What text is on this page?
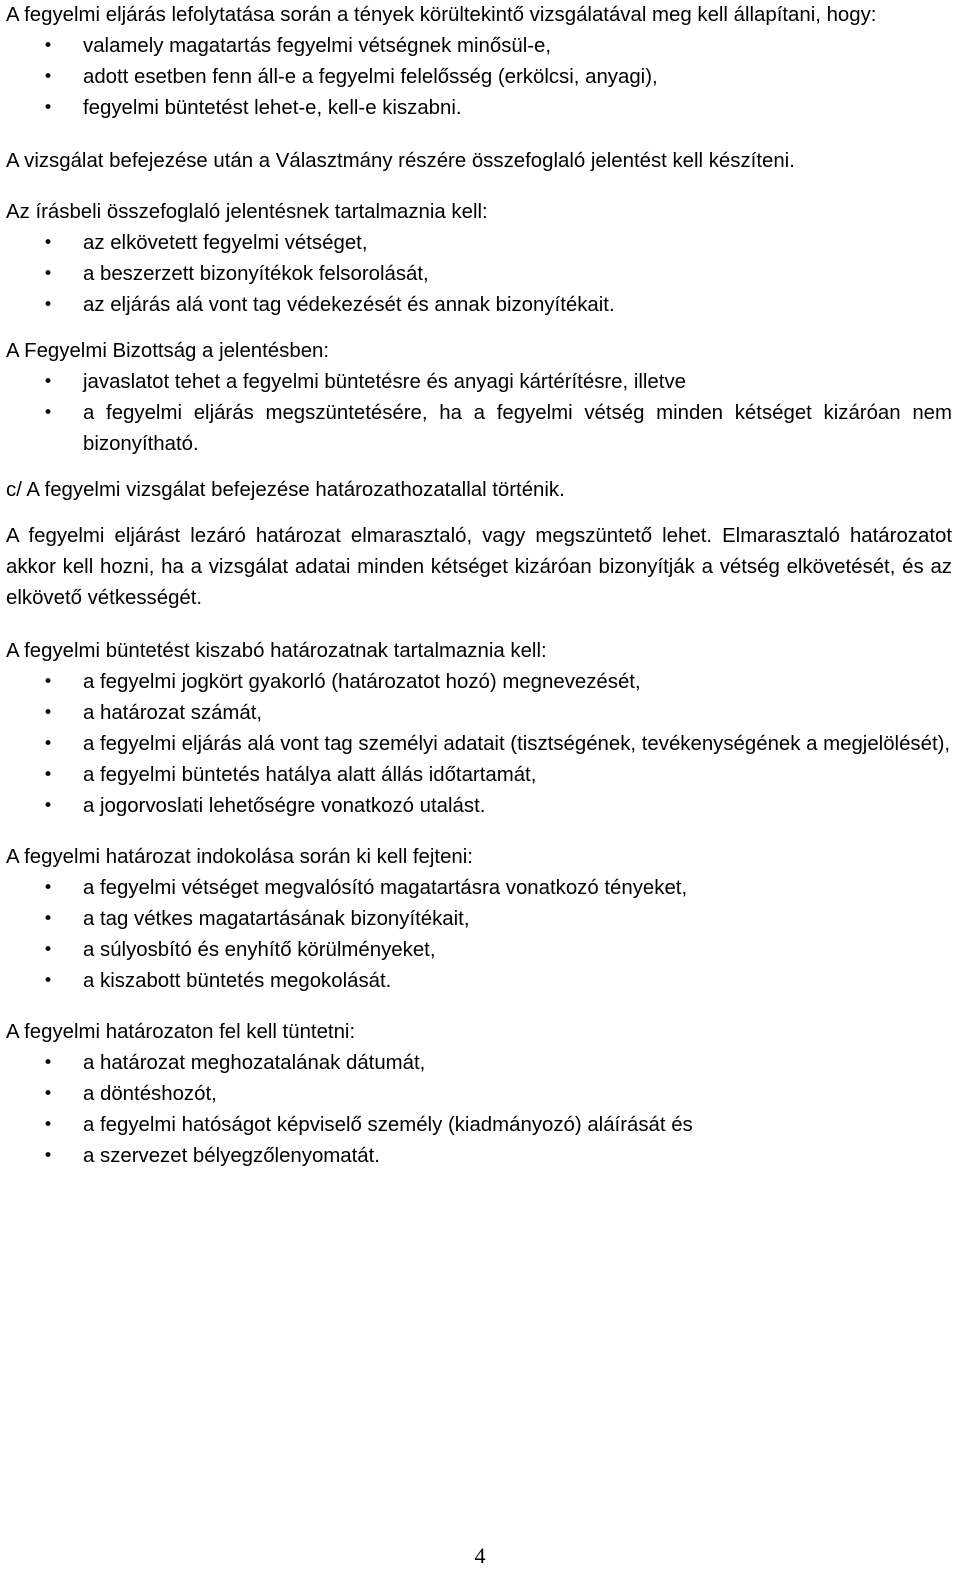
A fegyelmi eljárás lefolytatása során a tények körültekintő vizsgálatával meg kell állapítani, hogy:

• valamely magatartás fegyelmi vétségnek minősül-e,
• adott esetben fenn áll-e a fegyelmi felelősség (erkölcsi, anyagi),
• fegyelmi büntetést lehet-e, kell-e kiszabni.

A vizsgálat befejezése után a Választmány részére összefoglaló jelentést kell készíteni.

Az írásbeli összefoglaló jelentésnek tartalmaznia kell:

• az elkövetett fegyelmi vétséget,
• a beszerzett bizonyítékok felsorolását,
• az eljárás alá vont tag védekezését és annak bizonyítékait.

A Fegyelmi Bizottság a jelentésben:

• javaslatot tehet a fegyelmi büntetésre és anyagi kártérítésre, illetve
• a fegyelmi eljárás megszüntetésére, ha a fegyelmi vétség minden kétséget kizáróan nem bizonyítható.

c/ A fegyelmi vizsgálat befejezése határozathozatallal történik.

A fegyelmi eljárást lezáró határozat elmarasztaló, vagy megszüntető lehet. Elmarasztaló határozatot akkor kell hozni, ha a vizsgálat adatai minden kétséget kizáróan bizonyítják a vétség elkövetését, és az elkövető vétkességét.

A fegyelmi büntetést kiszabó határozatnak tartalmaznia kell:

• a fegyelmi jogkört gyakorló (határozatot hozó) megnevezését,
• a határozat számát,
• a fegyelmi eljárás alá vont tag személyi adatait (tisztségének, tevékenységének a megjelölését),
• a fegyelmi büntetés hatálya alatt állás időtartamát,
• a jogorvoslati lehetőségre vonatkozó utalást.

A fegyelmi határozat indokolása során ki kell fejteni:

• a fegyelmi vétséget megvalósító magatartásra vonatkozó tényeket,
• a tag vétkes magatartásának bizonyítékait,
• a súlyosbító és enyhítő körülményeket,
• a kiszabott büntetés megokolását.

A fegyelmi határozaton fel kell tüntetni:

• a határozat meghozatalának dátumát,
• a döntéshozót,
• a fegyelmi hatóságot képviselő személy (kiadmányozó) aláírását és
• a szervezet bélyegzőlenyomatát.
4
